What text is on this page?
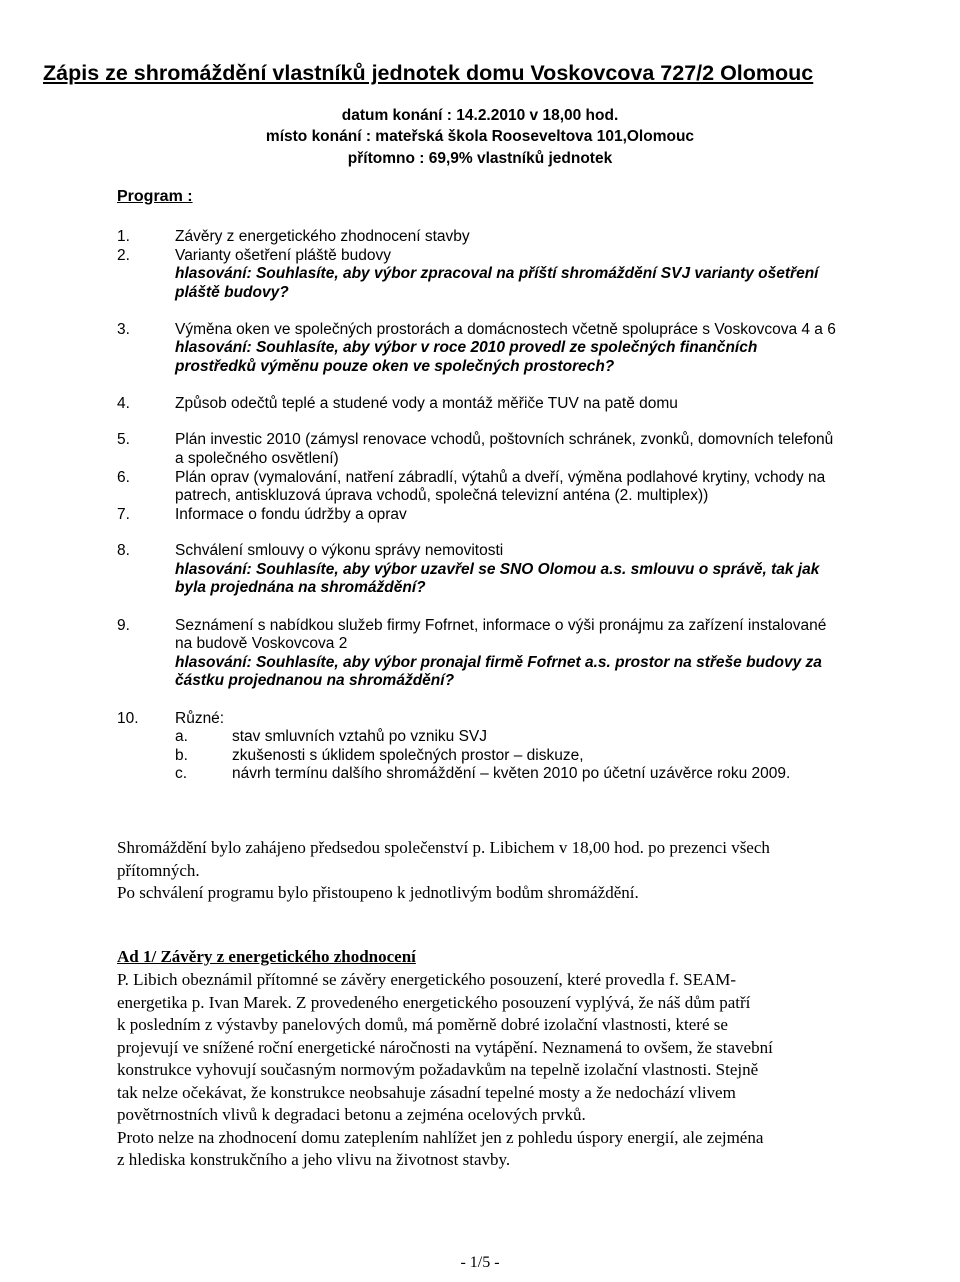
Zápis ze shromáždění vlastníků jednotek domu Voskovcova 727/2 Olomouc
datum konání : 14.2.2010 v 18,00 hod.
místo konání : mateřská škola Rooseveltova 101,Olomouc
přítomno : 69,9% vlastníků jednotek
Program :
1.	Závěry z energetického zhodnocení stavby
2.	Varianty ošetření pláště budovy
hlasování: Souhlasíte, aby výbor zpracoval na příští shromáždění SVJ varianty ošetření
pláště budovy?
3.	Výměna oken ve společných prostorách a domácnostech včetně spolupráce s Voskovcova 4 a 6
hlasování: Souhlasíte, aby výbor v roce 2010 provedl ze společných finančních
prostředků výměnu pouze oken ve společných prostorech?
4.	Způsob odečtů teplé a studené vody a montáž měřiče TUV na patě domu
5.	Plán investic 2010 (zámysl renovace vchodů, poštovních schránek, zvonků, domovních telefonů
a společného osvětlení)
6.	Plán oprav (vymalování, natření zábradlí, výtahů a dveří, výměna podlahové krytiny, vchody na
patrech, antiskluzová úprava vchodů, společná televizní anténa (2. multiplex))
7.	Informace o fondu údržby a oprav
8.	Schválení smlouvy o výkonu správy nemovitosti
hlasování: Souhlasíte, aby výbor uzavřel se SNO Olomou a.s. smlouvu o správě, tak jak
byla projednána na shromáždění?
9.	Seznámení s nabídkou služeb firmy Fofrnet, informace o výši pronájmu za zařízení instalované
na budově Voskovcova 2
hlasování: Souhlasíte, aby výbor pronajal firmě Fofrnet a.s. prostor na střeše budovy za
částku projednanou na shromáždění?
10. Různé:
a.	stav smluvních vztahů po vzniku SVJ
b.	zkušenosti s úklidem společných prostor – diskuze,
c.	návrh termínu dalšího shromáždění – květen 2010 po účetní uzávěrce roku 2009.
Shromáždění bylo zahájeno předsedou společenství p. Libichem v 18,00 hod. po prezenci všech
přítomných.
Po schválení programu bylo přistoupeno k jednotlivým bodům shromáždění.
Ad 1/ Závěry z energetického zhodnocení
P. Libich obeznámil přítomné se závěry energetického posouzení, které provedla f. SEAM-
energetika p. Ivan Marek. Z provedeného energetického posouzení vyplývá, že náš dům patří
k posledním z výstavby panelových domů, má poměrně dobré izolační vlastnosti, které se
projevují ve snížené roční energetické náročnosti na vytápění. Neznamená to ovšem, že stavební
konstrukce vyhovují současným normovým požadavkům na tepelně izolační vlastnosti. Stejně
tak nelze očekávat, že konstrukce neobsahuje zásadní tepelné mosty a že nedochází vlivem
povětrnostních vlivů k degradaci betonu a zejména ocelových prvků.
Proto nelze na zhodnocení domu zateplením nahlížet jen z pohledu úspory energií, ale zejména
z hlediska konstrukčního a jeho vlivu na životnost stavby.
- 1/5 -
